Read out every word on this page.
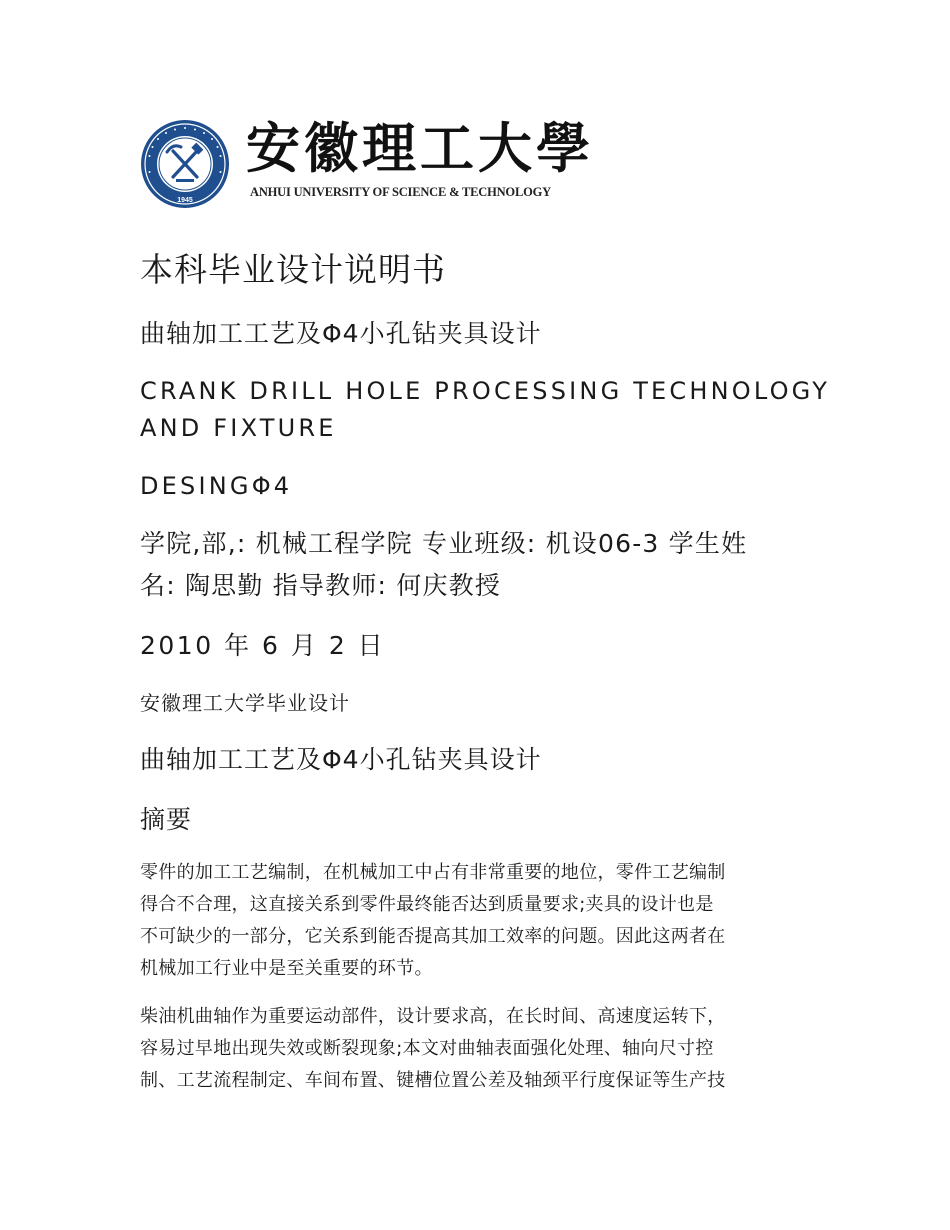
1945
安徽理工大學
ANHUI UNIVERSITY OF SCIENCE & TECHNOLOGY

本科毕业设计说明书

曲轴加工工艺及Φ4小孔钻夹具设计

CRANK DRILL HOLE PROCESSING TECHNOLOGY

AND FIXTURE

DESINGΦ4

学院,部,: 机械工程学院 专业班级: 机设06-3 学生姓

名: 陶思勤 指导教师: 何庆教授

2010 年 6 月 2 日

安徽理工大学毕业设计

曲轴加工工艺及Φ4小孔钻夹具设计

摘要

零件的加工工艺编制，在机械加工中占有非常重要的地位，零件工艺编制
得合不合理，这直接关系到零件最终能否达到质量要求;夹具的设计也是
不可缺少的一部分，它关系到能否提高其加工效率的问题。因此这两者在
机械加工行业中是至关重要的环节。
柴油机曲轴作为重要运动部件，设计要求高，在长时间、高速度运转下，
容易过早地出现失效或断裂现象;本文对曲轴表面强化处理、轴向尺寸控
制、工艺流程制定、车间布置、键槽位置公差及轴颈平行度保证等生产技
